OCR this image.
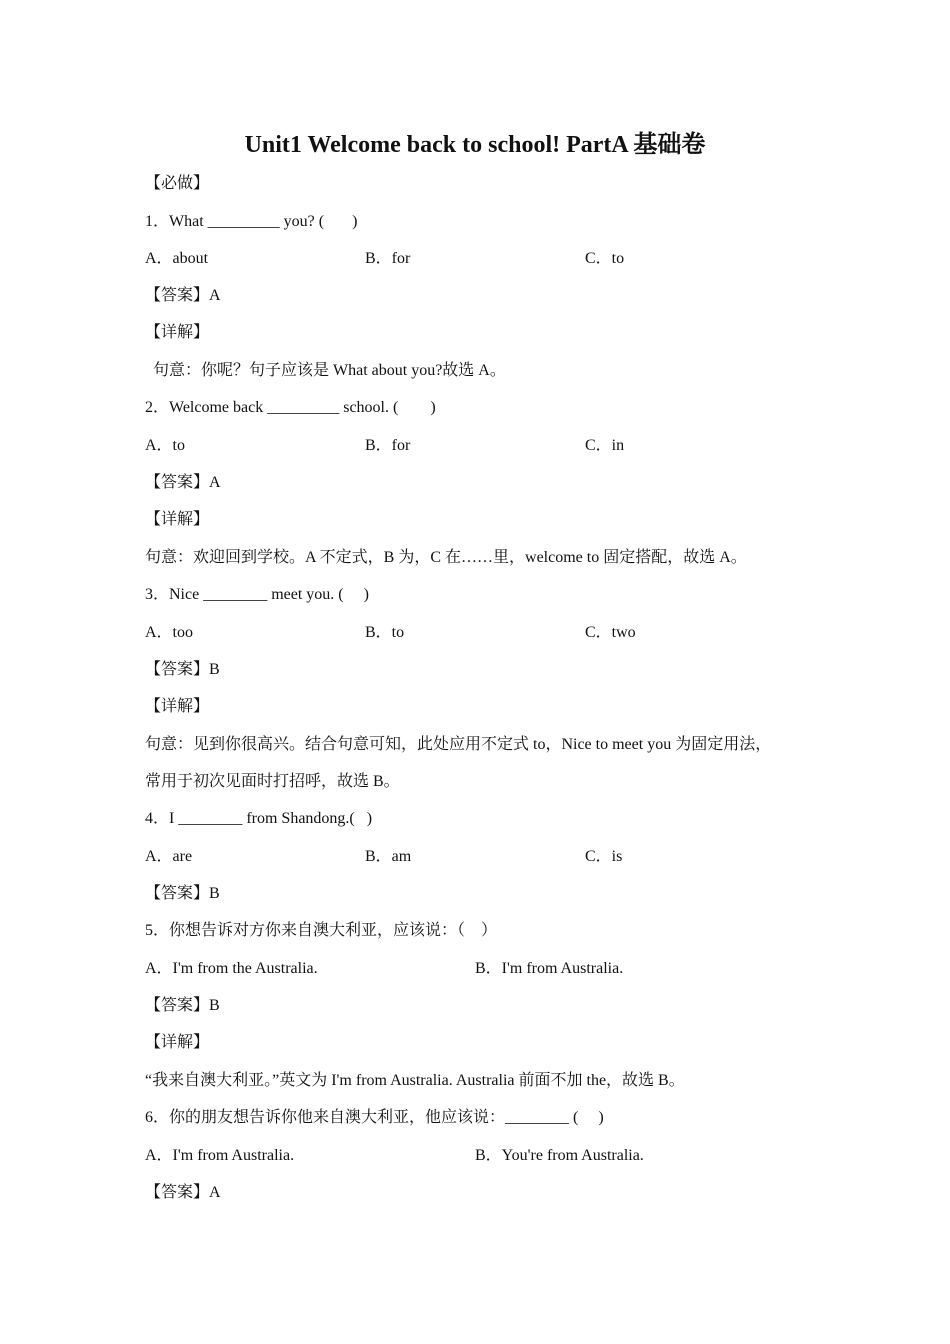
Unit1 Welcome back to school! PartA 基础卷
【必做】
1．What _________ you? (       )
A．about	B．for	C．to
【答案】A
【详解】
句意：你呢？句子应该是 What about you?故选 A。
2．Welcome back _________ school. (        )
A．to	B．for	C．in
【答案】A
【详解】
句意：欢迎回到学校。A 不定式，B 为，C 在……里，welcome to 固定搭配，故选 A。
3．Nice ________ meet you. (     )
A．too	B．to	C．two
【答案】B
【详解】
句意：见到你很高兴。结合句意可知，此处应用不定式 to，Nice to meet you 为固定用法，
常用于初次见面时打招呼，故选 B。
4．I ________ from Shandong.(   )
A．are	B．am	C．is
【答案】B
5．你想告诉对方你来自澳大利亚，应该说：（    ）
A．I'm from the Australia.	B．I'm from Australia.
【答案】B
【详解】
“我来自澳大利亚。”英文为 I'm from Australia. Australia 前面不加 the，故选 B。
6．你的朋友想告诉你他来自澳大利亚，他应该说：________ (     )
A．I'm from Australia.	B．You're from Australia.
【答案】A
